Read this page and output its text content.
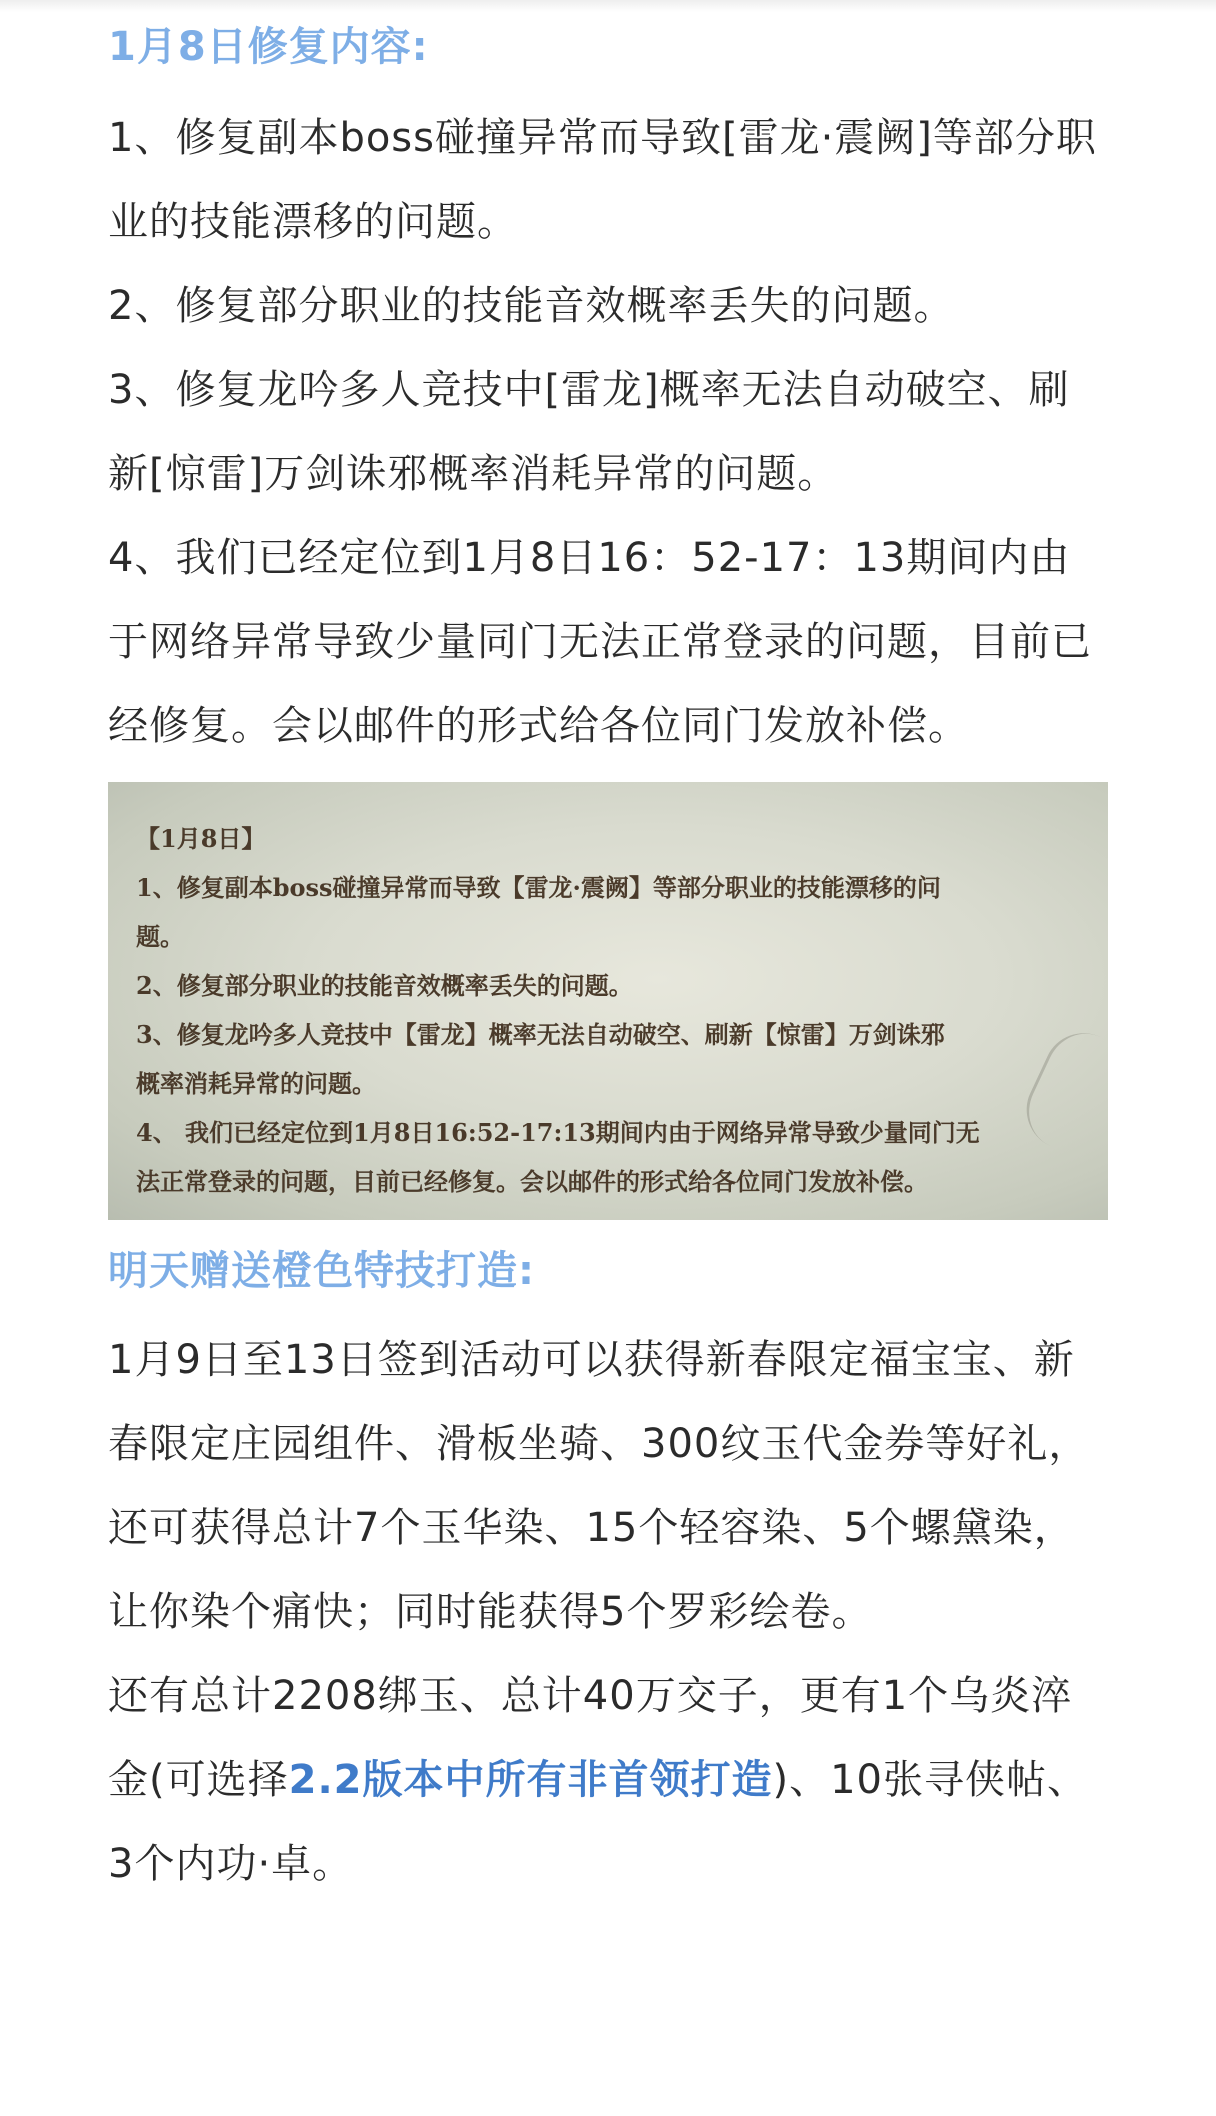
1月8日修复内容:

1、修复副本boss碰撞异常而导致[雷龙·震阙]等部分职业的技能漂移的问题。

2、修复部分职业的技能音效概率丢失的问题。

3、修复龙吟多人竞技中[雷龙]概率无法自动破空、刷新[惊雷]万剑诛邪概率消耗异常的问题。

4、我们已经定位到1月8日16：52-17：13期间内由于网络异常导致少量同门无法正常登录的问题，目前已经修复。会以邮件的形式给各位同门发放补偿。

【1月8日】

1、修复副本boss碰撞异常而导致【雷龙·震阙】等部分职业的技能漂移的问

题。

2、修复部分职业的技能音效概率丢失的问题。

3、修复龙吟多人竞技中【雷龙】概率无法自动破空、刷新【惊雷】万剑诛邪

概率消耗异常的问题。

4、 我们已经定位到1月8日16:52-17:13期间内由于网络异常导致少量同门无

法正常登录的问题，目前已经修复。会以邮件的形式给各位同门发放补偿。

明天赠送橙色特技打造:

1月9日至13日签到活动可以获得新春限定福宝宝、新春限定庄园组件、滑板坐骑、300纹玉代金券等好礼，还可获得总计7个玉华染、15个轻容染、5个螺黛染，让你染个痛快；同时能获得5个罗彩绘卷。

还有总计2208绑玉、总计40万交子，更有1个乌炎淬金(可选择2.2版本中所有非首领打造)、10张寻侠帖、3个内功·卓。
